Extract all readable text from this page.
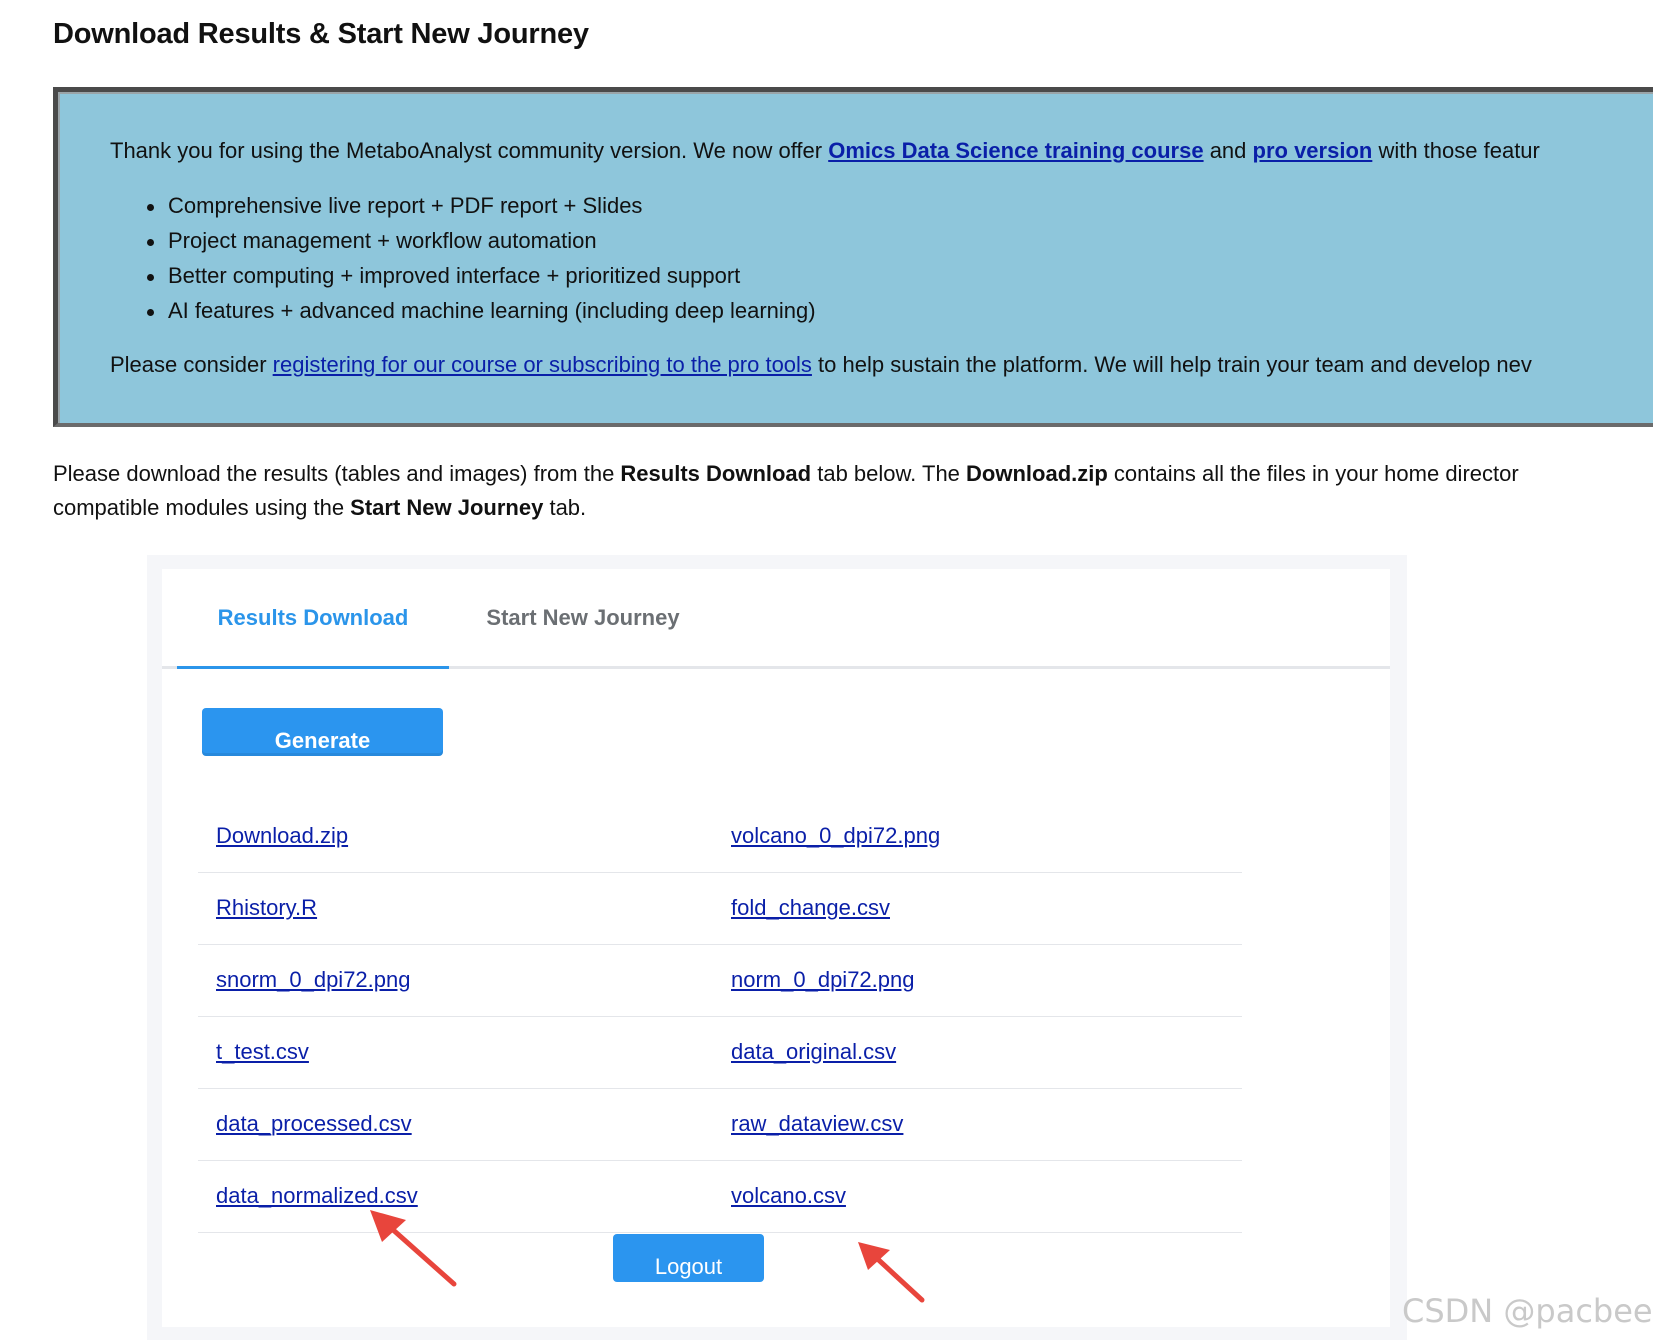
Download Results & Start New Journey
Thank you for using the MetaboAnalyst community version. We now offer Omics Data Science training course and pro version with those featur
Comprehensive live report + PDF report + Slides
Project management + workflow automation
Better computing + improved interface + prioritized support
AI features + advanced machine learning (including deep learning)
Please consider registering for our course or subscribing to the pro tools to help sustain the platform. We will help train your team and develop nev
Please download the results (tables and images) from the Results Download tab below. The Download.zip contains all the files in your home director
compatible modules using the Start New Journey tab.
Results Download	Start New Journey
Generate
Download.zip	volcano_0_dpi72.png
Rhistory.R	fold_change.csv
snorm_0_dpi72.png	norm_0_dpi72.png
t_test.csv	data_original.csv
data_processed.csv	raw_dataview.csv
data_normalized.csv	volcano.csv
Logout
CSDN @pacbee
